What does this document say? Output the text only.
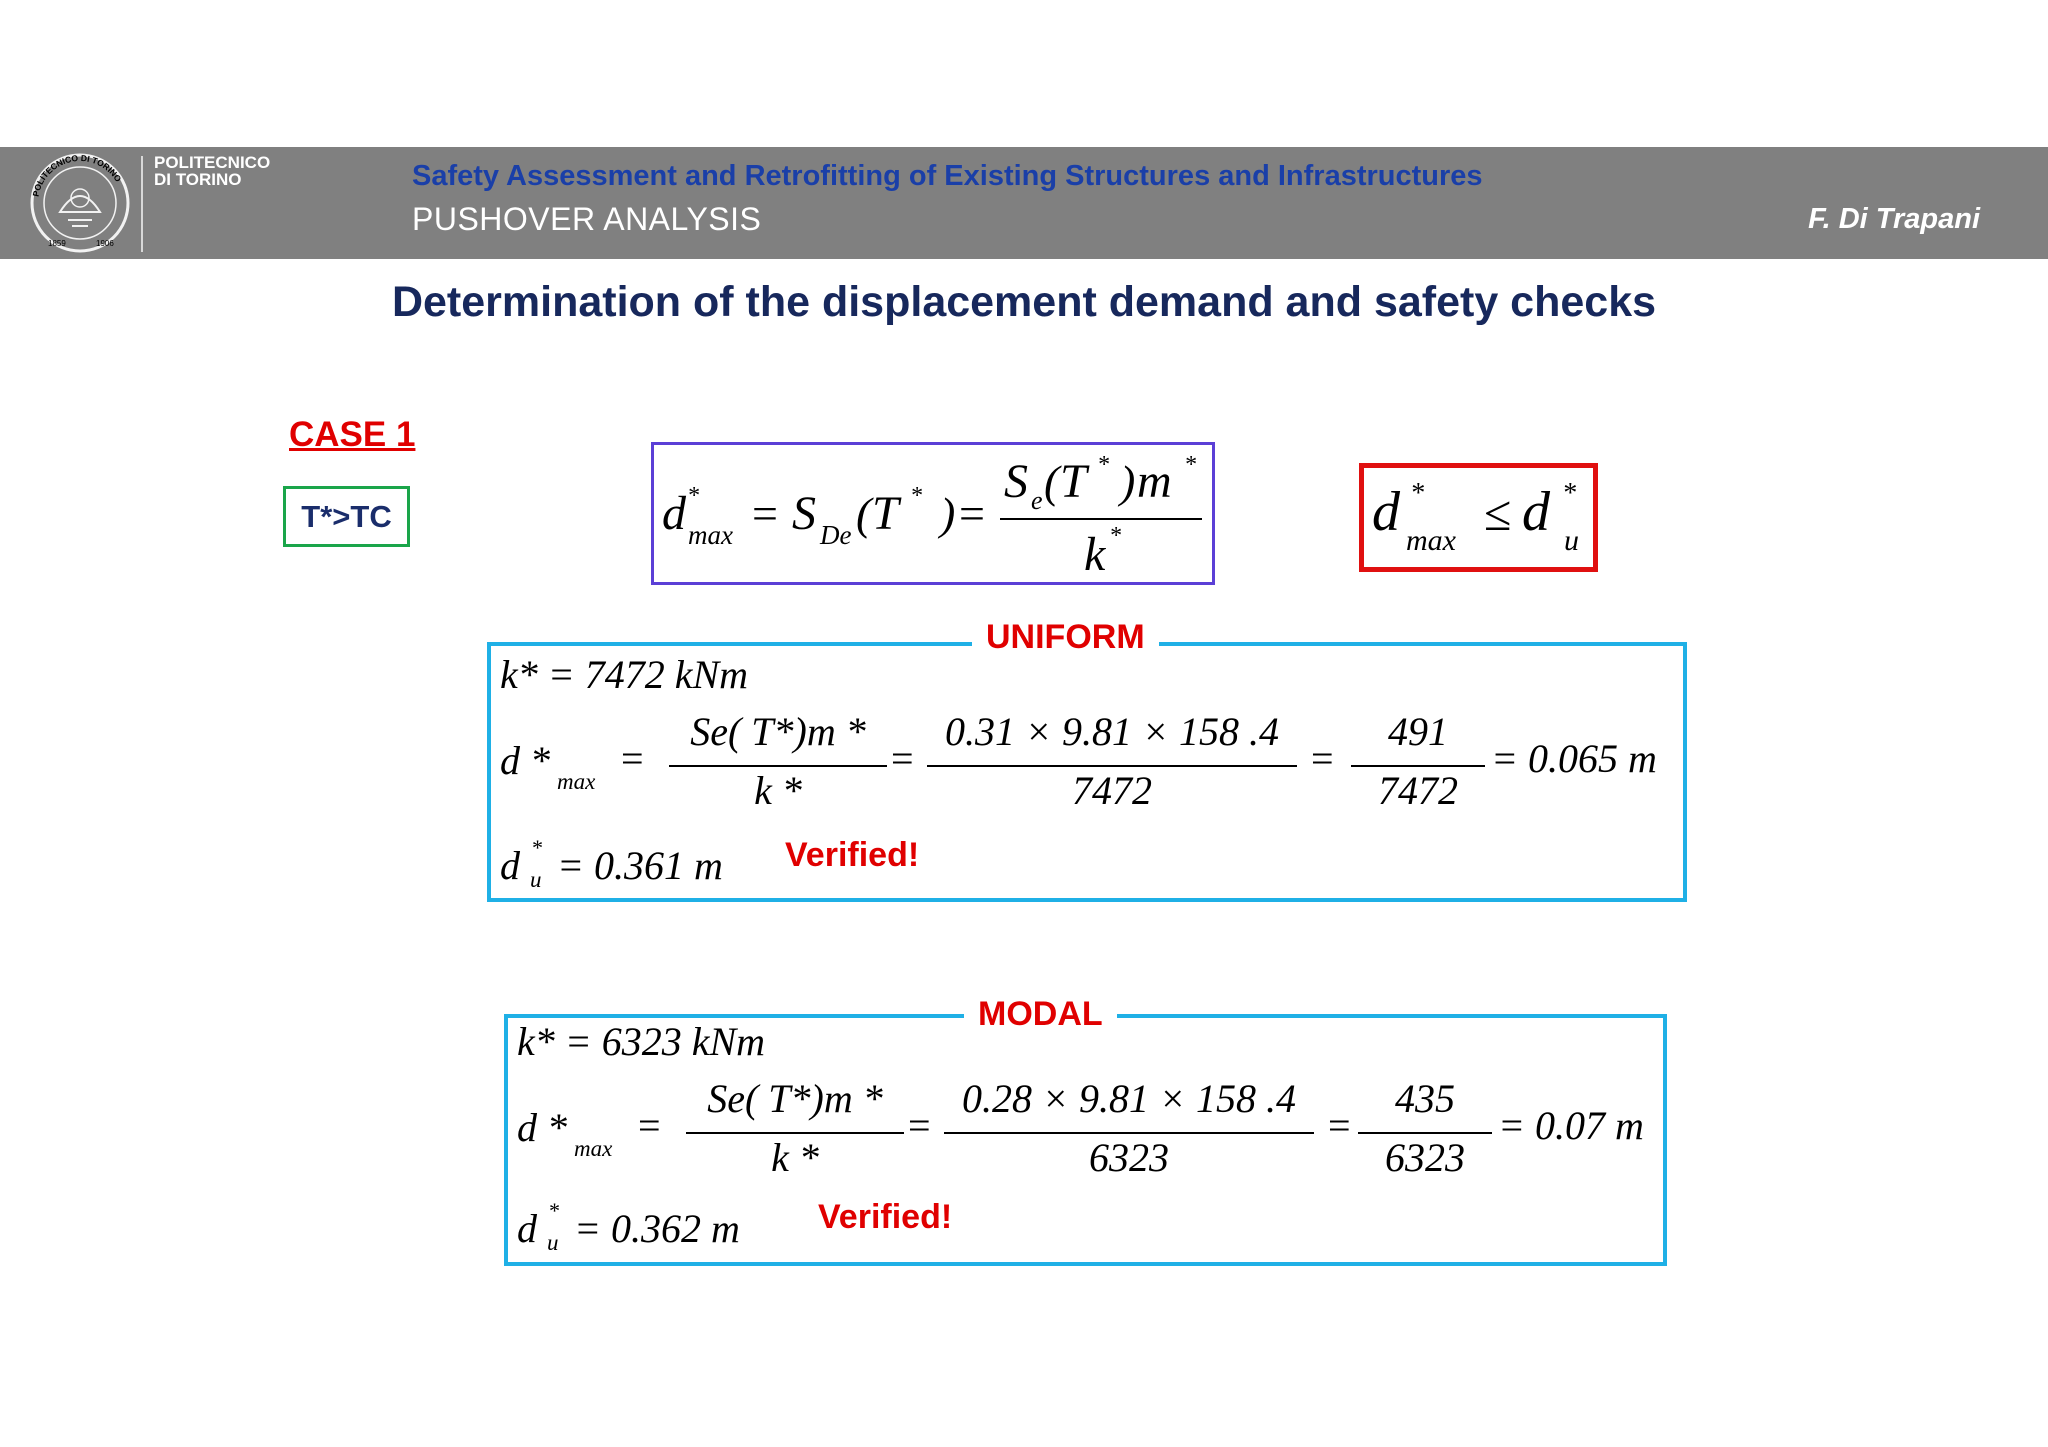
POLITECNICO DI TORINO
1859	1906
POLITECNICO
DI TORINO	Safety Assessment and Retrofitting of Existing Structures and Infrastructures
PUSHOVER ANALYSIS	F. Di Trapani
Determination of the displacement demand and safety checks
CASE 1
T*>TC	d *
max = S De ( T * ) =
S e ( T * ) m *
k *	d *
max ≤ d *
u
k* = 7472 kNm
d * max
=
Se( T*)m *
k *
=
0.31 × 9.81 × 158 .4
7472
=
491
7472
= 0.065 m
d *
u = 0.361 m Verified!
UNIFORM
k* = 6323 kNm
d * max
=
Se( T*)m *
k *
=
0.28 × 9.81 × 158 .4
6323
=
435
6323
= 0.07 m
d *
u = 0.362 m Verified!
MODAL
